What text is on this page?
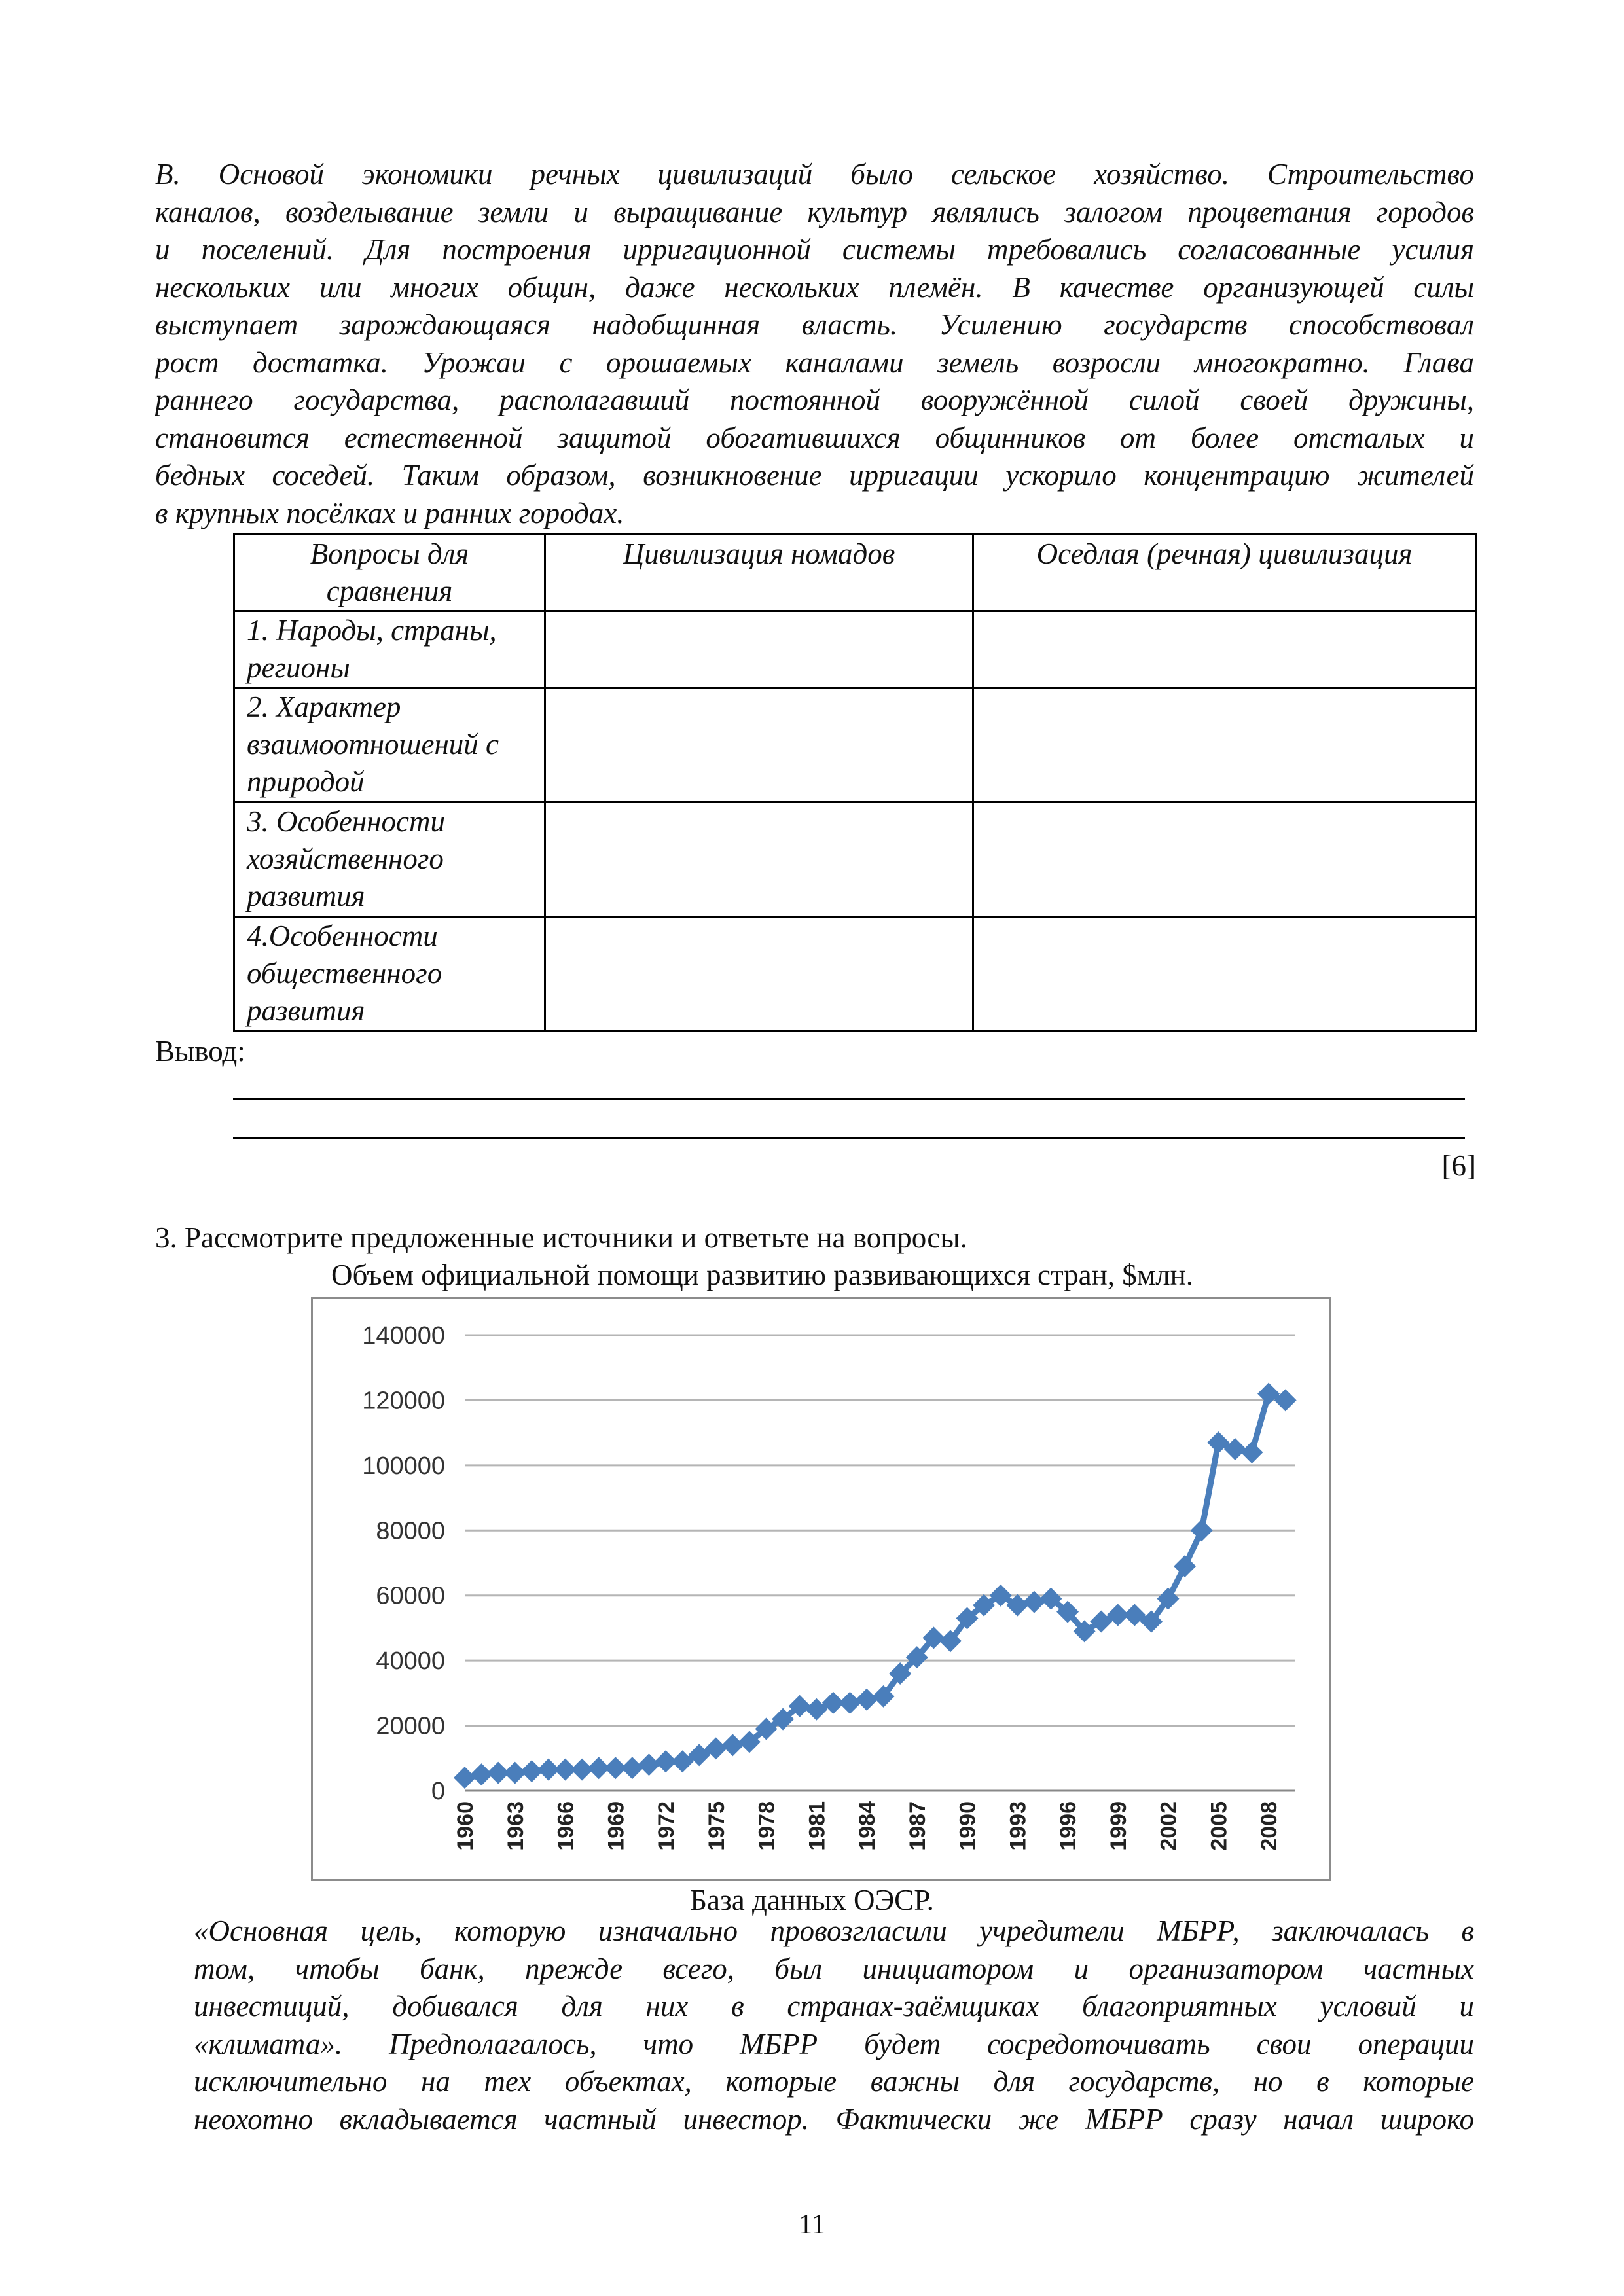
В. Основой экономики речных цивилизаций было сельское хозяйство. Строительство
каналов, возделывание земли и выращивание культур являлись залогом процветания городов
и поселений. Для построения ирригационной системы требовались согласованные усилия
нескольких или многих общин, даже нескольких племён. В качестве организующей силы
выступает зарождающаяся надобщинная власть. Усилению государств способствовал
рост достатка. Урожаи с орошаемых каналами земель возросли многократно. Глава
раннего государства, располагавший постоянной вооружённой силой своей дружины,
становится естественной защитой обогатившихся общинников от более отсталых и
бедных соседей. Таким образом, возникновение ирригации ускорило концентрацию жителей
в крупных посёлках и ранних городах.
Вопросы для сравнения	Цивилизация номадов	Оседлая (речная) цивилизация
1. Народы, страны, регионы		
2. Характер взаимоотношений с природой		
3. Особенности хозяйственного развития		
4.Особенности общественного развития		
Вывод:
[6]
3. Рассмотрите предложенные источники и ответьте на вопросы.
Объем официальной помощи развитию развивающихся стран, $млн.
0
20000
40000
60000
80000
100000
120000
140000
1960 1963 1966 1969 1972 1975 1978 1981 1984 1987 1990 1993 1996 1999 2002 2005 2008
База данных ОЭСР.
«Основная цель, которую изначально провозгласили учредители МБРР, заключалась в
том, чтобы банк, прежде всего, был инициатором и организатором частных
инвестиций, добивался для них в странах-заёмщиках благоприятных условий и
«климата». Предполагалось, что МБРР будет сосредоточивать свои операции
исключительно на тех объектах, которые важны для государств, но в которые
неохотно вкладывается частный инвестор. Фактически же МБРР сразу начал широко
11
